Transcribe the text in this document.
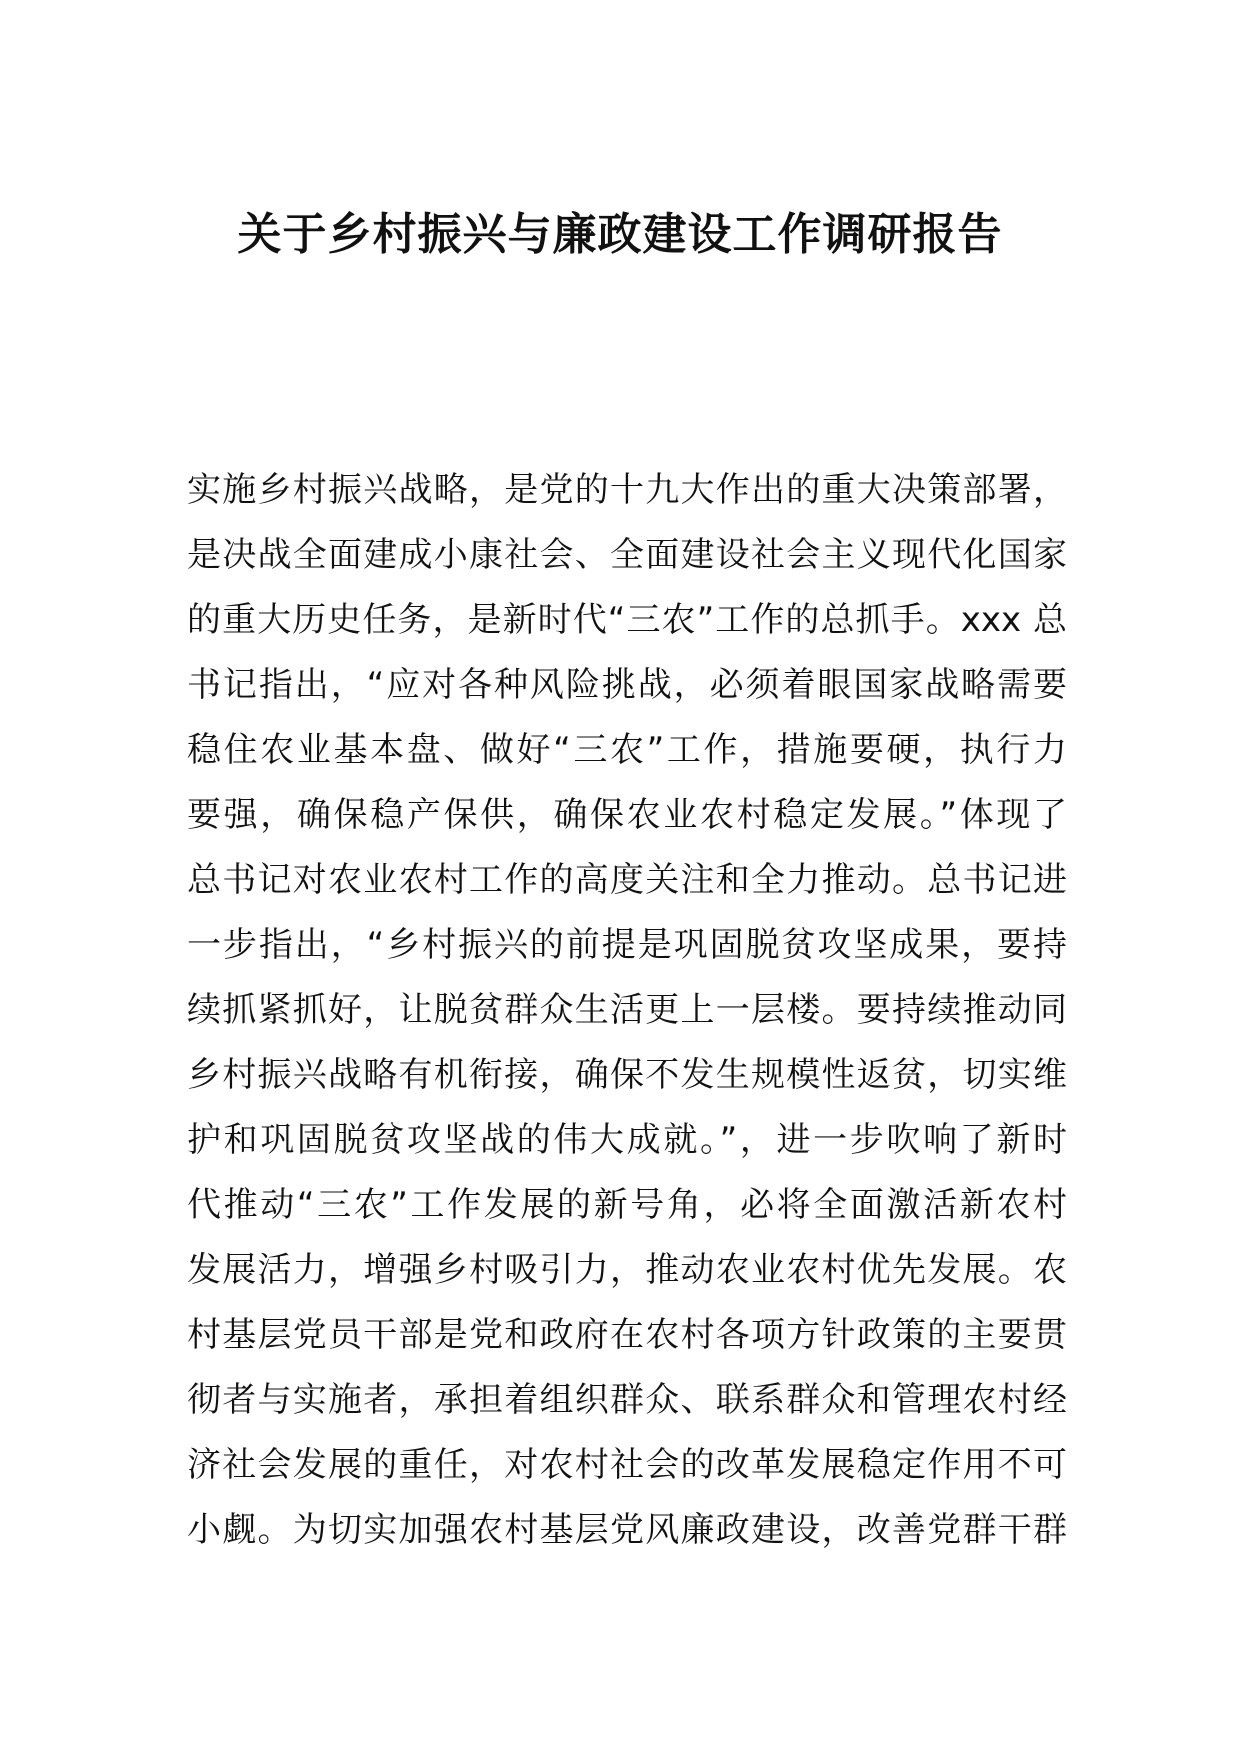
关于乡村振兴与廉政建设工作调研报告
实施乡村振兴战略，是党的十九大作出的重大决策部署，
是决战全面建成小康社会、全面建设社会主义现代化国家
的重大历史任务，是新时代“三农”工作的总抓手。xxx 总
书记指出，“应对各种风险挑战，必须着眼国家战略需要
稳住农业基本盘、做好“三农”工作，措施要硬，执行力
要强，确保稳产保供，确保农业农村稳定发展。”体现了
总书记对农业农村工作的高度关注和全力推动。总书记进
一步指出，“乡村振兴的前提是巩固脱贫攻坚成果，要持
续抓紧抓好，让脱贫群众生活更上一层楼。要持续推动同
乡村振兴战略有机衔接，确保不发生规模性返贫，切实维
护和巩固脱贫攻坚战的伟大成就。”，进一步吹响了新时
代推动“三农”工作发展的新号角，必将全面激活新农村
发展活力，增强乡村吸引力，推动农业农村优先发展。农
村基层党员干部是党和政府在农村各项方针政策的主要贯
彻者与实施者，承担着组织群众、联系群众和管理农村经
济社会发展的重任，对农村社会的改革发展稳定作用不可
小觑。为切实加强农村基层党风廉政建设，改善党群干群
